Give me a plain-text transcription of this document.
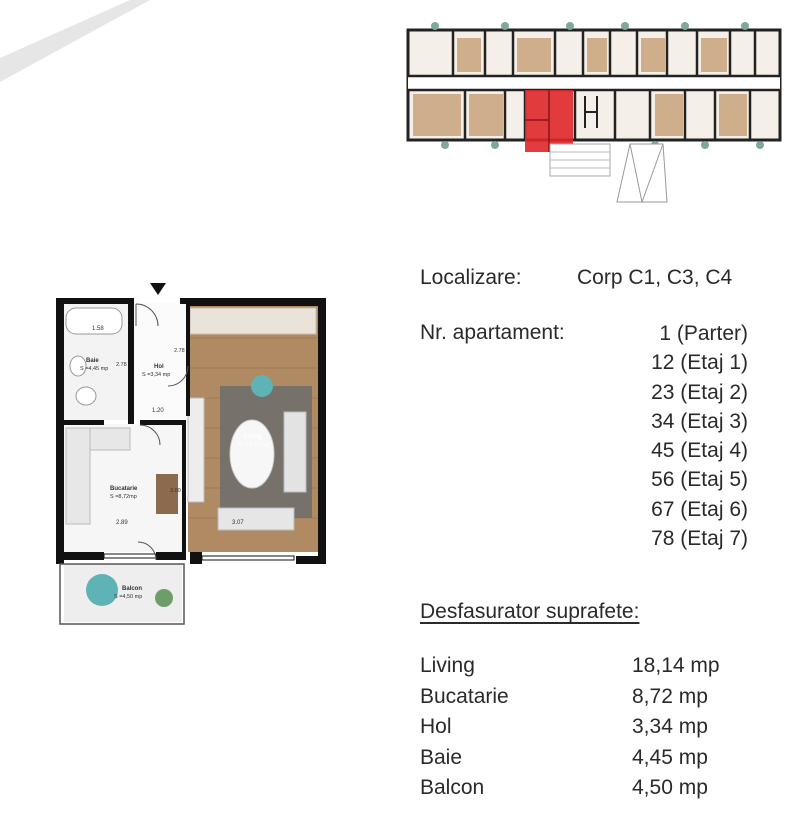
1.58
Baie
S =4,45 mp
2.78	Hol
S =3,34 mp
2.78
1.20
Living
S =18,14 mp
3.07
Bucatarie
S =8,72mp
3.00
2.89
Balcon
S =4,50 mp
Localizare:	Corp C1, C3, C4
Nr. apartament:	1 (Parter)
12 (Etaj 1)
23 (Etaj 2)
34 (Etaj 3)
45 (Etaj 4)
56 (Etaj 5)
67 (Etaj 6)
78 (Etaj 7)
Desfasurator suprafete:
Living	18,14 mp
Bucatarie	8,72 mp
Hol	3,34 mp
Baie	4,45 mp
Balcon	4,50 mp
